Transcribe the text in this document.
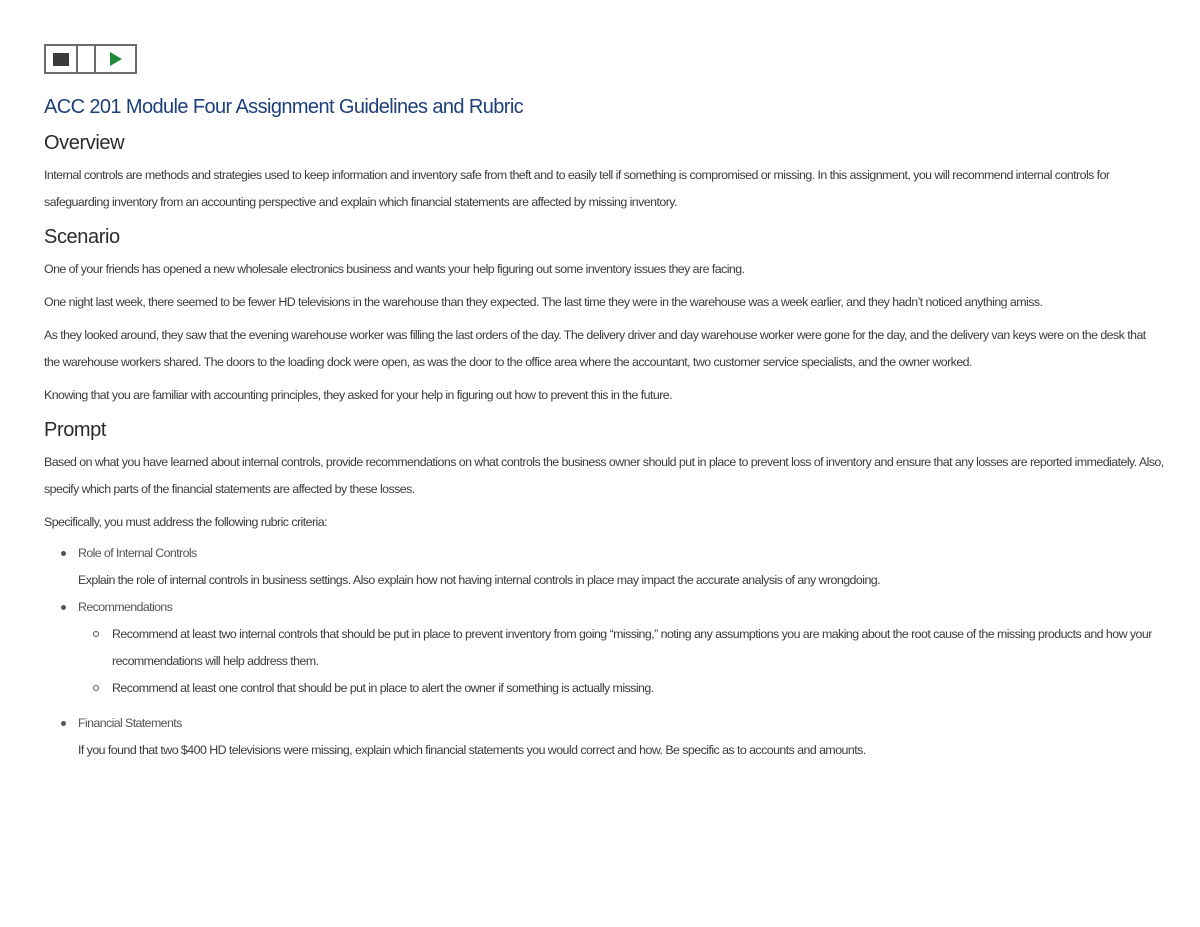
ACC 201 Module Four Assignment Guidelines and Rubric
Overview

Internal controls are methods and strategies used to keep information and inventory safe from theft and to easily tell if something is compromised or missing. In this assignment, you will recommend internal controls for safeguarding inventory from an accounting perspective and explain which financial statements are affected by missing inventory.

Scenario

One of your friends has opened a new wholesale electronics business and wants your help figuring out some inventory issues they are facing.

One night last week, there seemed to be fewer HD televisions in the warehouse than they expected. The last time they were in the warehouse was a week earlier, and they hadn’t noticed anything amiss.

As they looked around, they saw that the evening warehouse worker was filling the last orders of the day. The delivery driver and day warehouse worker were gone for the day, and the delivery van keys were on the desk that the warehouse workers shared. The doors to the loading dock were open, as was the door to the office area where the accountant, two customer service specialists, and the owner worked.

Knowing that you are familiar with accounting principles, they asked for your help in figuring out how to prevent this in the future.

Prompt

Based on what you have learned about internal controls, provide recommendations on what controls the business owner should put in place to prevent loss of inventory and ensure that any losses are reported immediately. Also, specify which parts of the financial statements are affected by these losses.

Specifically, you must address the following rubric criteria:

Role of Internal Controls

Explain the role of internal controls in business settings. Also explain how not having internal controls in place may impact the accurate analysis of any wrongdoing.

Recommendations

Recommend at least two internal controls that should be put in place to prevent inventory from going “missing,” noting any assumptions you are making about the root cause of the missing products and how your recommendations will help address them.

Recommend at least one control that should be put in place to alert the owner if something is actually missing.

Financial Statements

If you found that two $400 HD televisions were missing, explain which financial statements you would correct and how. Be specific as to accounts and amounts.
